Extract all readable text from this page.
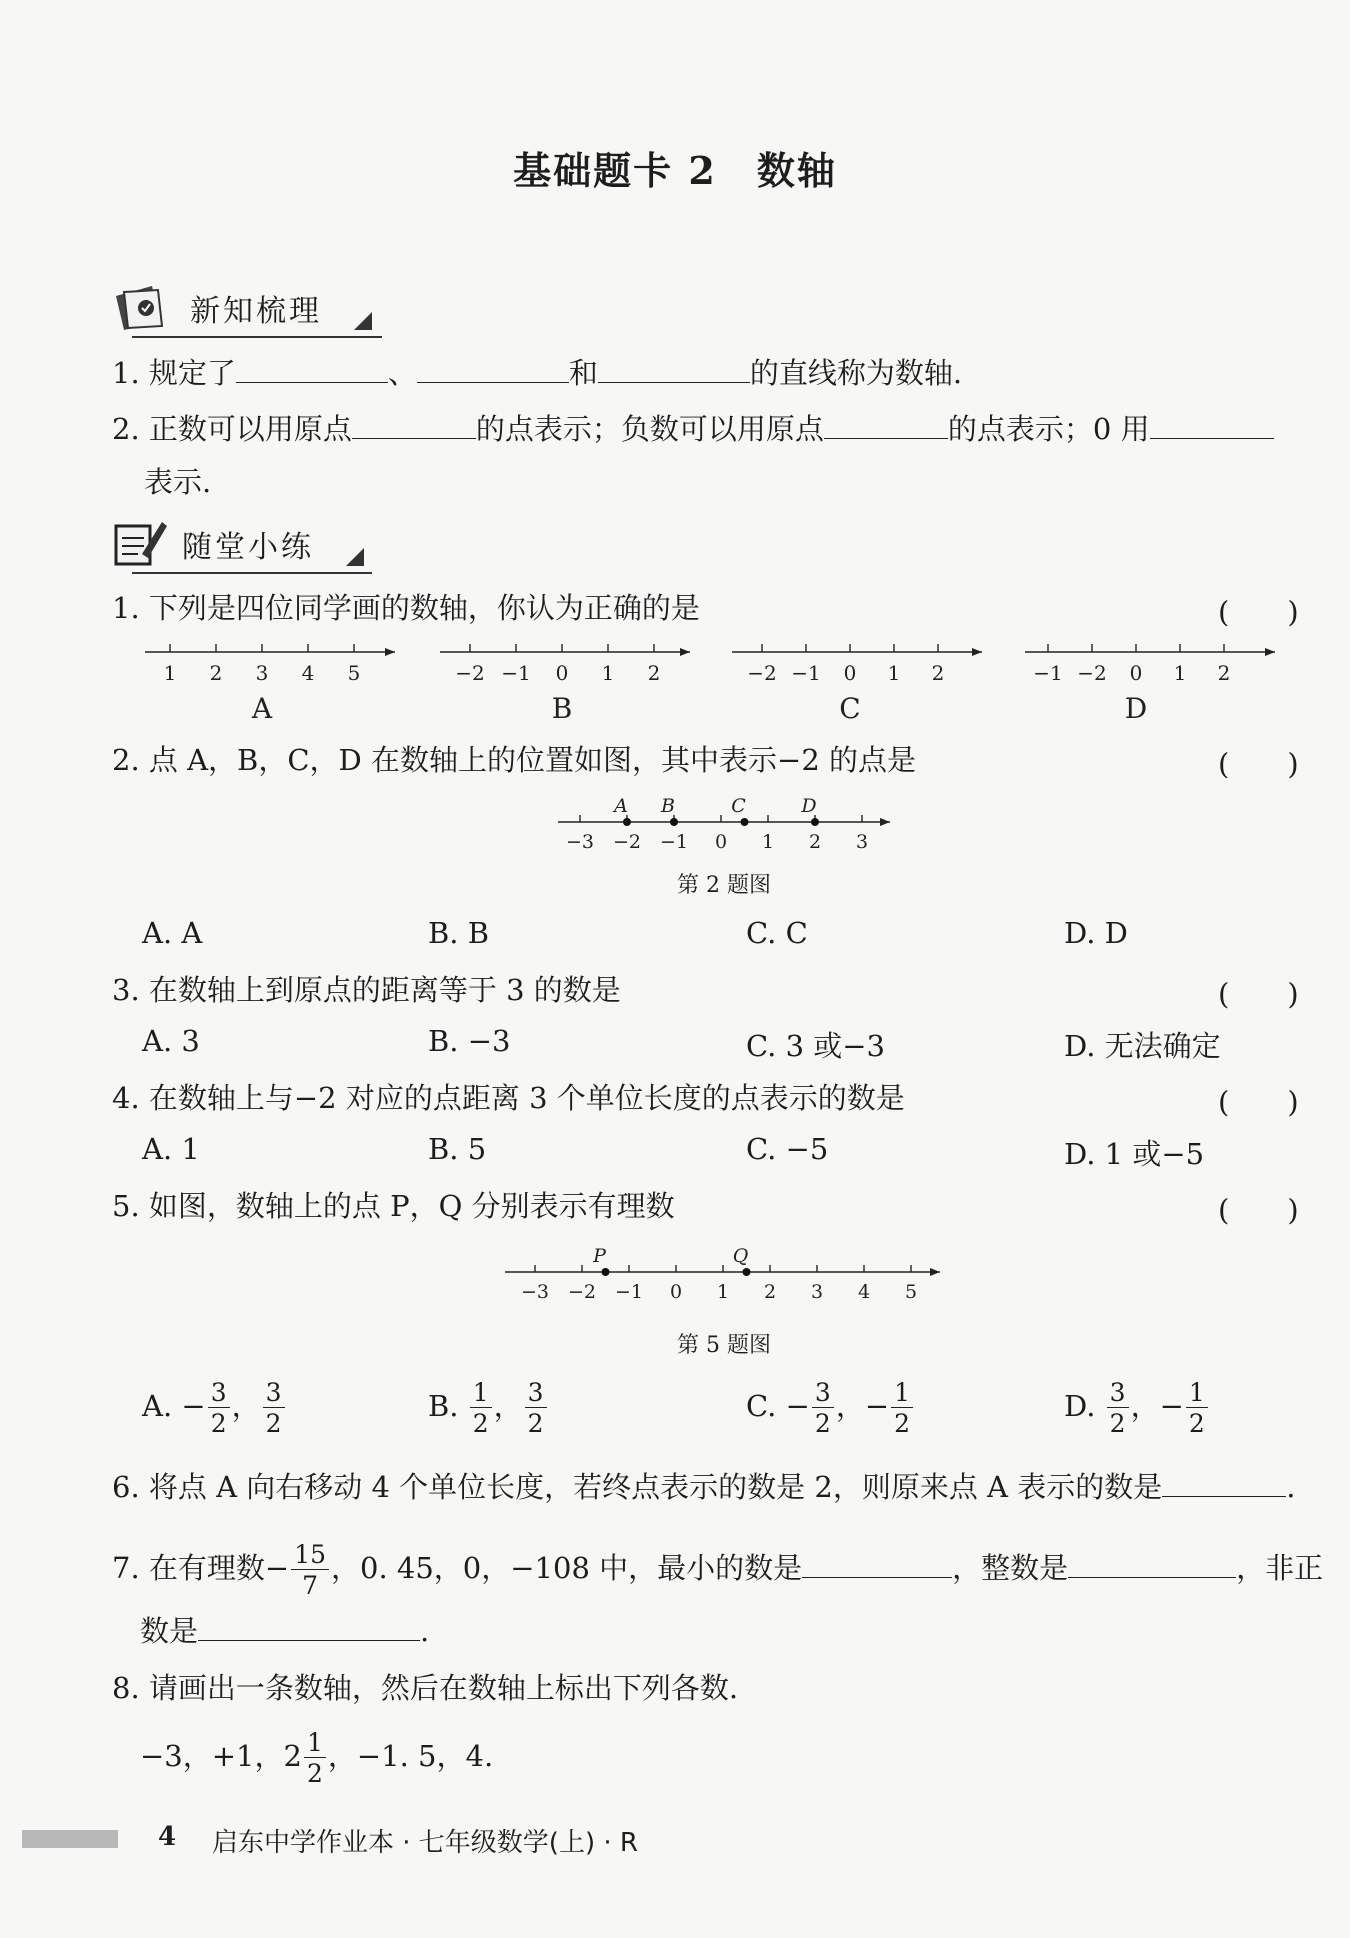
基础题卡 2　数轴
新知梳理
1. 规定了	、	和	的直线称为数轴.
2. 正数可以用原点	的点表示；负数可以用原点	的点表示；0 用
表示.
随堂小练
1. 下列是四位同学画的数轴，你认为正确的是	(　　)
1 2 3 4 5
A
−2 −1 0 1 2
B
−2 −1 0 1 2
C
−1 −2 0 1 2
D
2. 点 A，B，C，D 在数轴上的位置如图，其中表示−2 的点是	(　　)
−3 −2 −1 0 1 2 3
A B	C	D
第 2 题图
A. A	B. B	C. C	D. D
3. 在数轴上到原点的距离等于 3 的数是	(　　)
A. 3	B. −3	C. 3 或−3	D. 无法确定
4. 在数轴上与−2 对应的点距离 3 个单位长度的点表示的数是	(　　)
A. 1	B. 5	C. −5	D. 1 或−5
5. 如图，数轴上的点 P，Q 分别表示有理数	(　　)
−3 −2 −1 0 1 2 3 4 5
P	Q
第 5 题图
A. − $\frac{3}{2}$ ， $\frac{3}{2}$	B. $\frac{1}{2}$ ， $\frac{3}{2}$	C. − $\frac{3}{2}$ ，− $\frac{1}{2}$	D. $\frac{3}{2}$ ，− $\frac{1}{2}$
6. 将点 A 向右移动 4 个单位长度，若终点表示的数是 2，则原来点 A 表示的数是	.
7. 在有理数− $\frac{15}{7}$ ，0. 45，0，−108 中，最小的数是	，整数是	，非正
数是	.
8. 请画出一条数轴，然后在数轴上标出下列各数.
−3，+1，$2 \frac{1}{2}$ ，−1. 5，4.
4 启东中学作业本 · 七年级数学(上) · R
